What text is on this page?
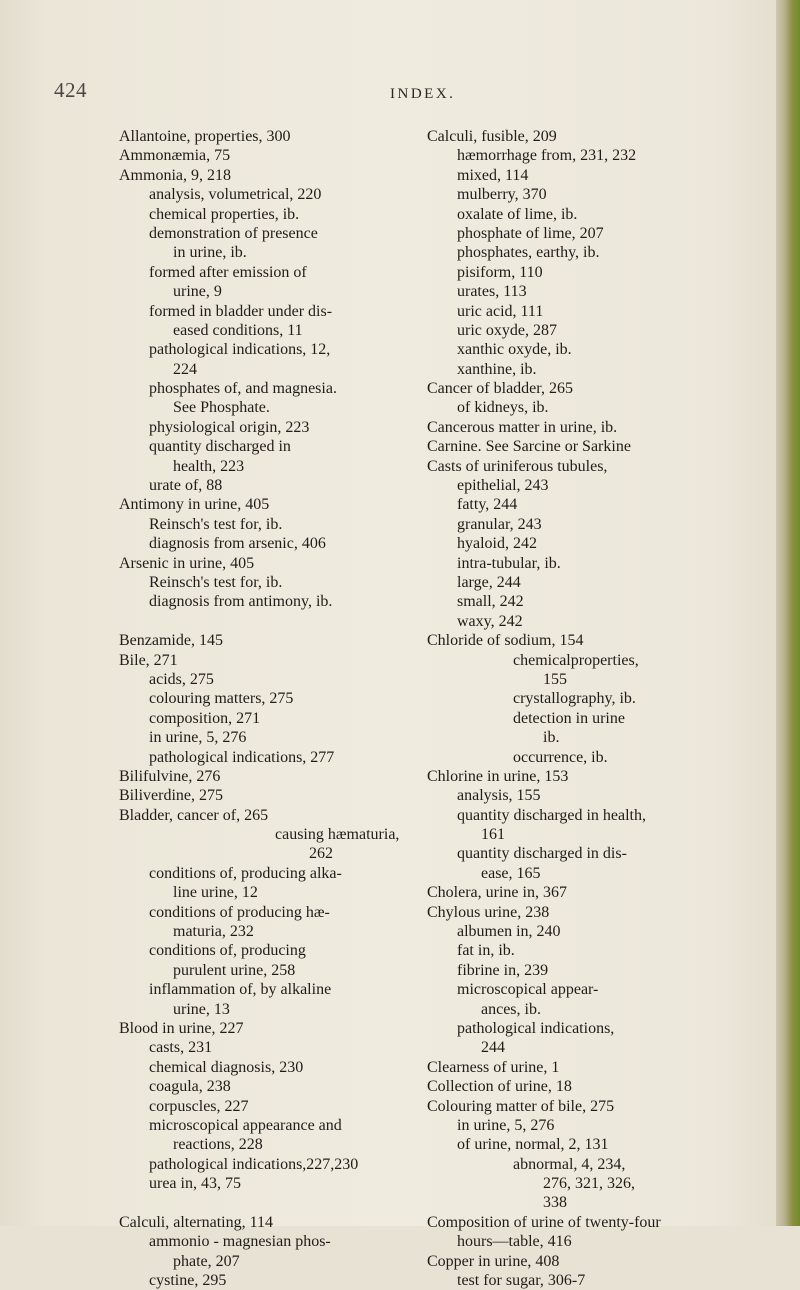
424	INDEX.
Allantoine, properties, 300
Ammonæmia, 75
Ammonia, 9, 218
analysis, volumetrical, 220
chemical properties, ib.
demonstration of presence
in urine, ib.
formed after emission of
urine, 9
formed in bladder under dis-
eased conditions, 11
pathological indications, 12,
224
phosphates of, and magnesia.
See Phosphate.
physiological origin, 223
quantity discharged in
health, 223
urate of, 88
Antimony in urine, 405
Reinsch's test for, ib.
diagnosis from arsenic, 406
Arsenic in urine, 405
Reinsch's test for, ib.
diagnosis from antimony, ib.
Benzamide, 145
Bile, 271
acids, 275
colouring matters, 275
composition, 271
in urine, 5, 276
pathological indications, 277
Bilifulvine, 276
Biliverdine, 275
Bladder, cancer of, 265
causing hæmaturia,
262
conditions of, producing alka-
line urine, 12
conditions of producing hæ-
maturia, 232
conditions of, producing
purulent urine, 258
inflammation of, by alkaline
urine, 13
Blood in urine, 227
casts, 231
chemical diagnosis, 230
coagula, 238
corpuscles, 227
microscopical appearance and
reactions, 228
pathological indications,227,230
urea in, 43, 75
Calculi, alternating, 114
ammonio - magnesian phos-
phate, 207
cystine, 295
Calculi, fusible, 209
hæmorrhage from, 231, 232
mixed, 114
mulberry, 370
oxalate of lime, ib.
phosphate of lime, 207
phosphates, earthy, ib.
pisiform, 110
urates, 113
uric acid, 111
uric oxyde, 287
xanthic oxyde, ib.
xanthine, ib.
Cancer of bladder, 265
of kidneys, ib.
Cancerous matter in urine, ib.
Carnine. See Sarcine or Sarkine
Casts of uriniferous tubules,
epithelial, 243
fatty, 244
granular, 243
hyaloid, 242
intra-tubular, ib.
large, 244
small, 242
waxy, 242
Chloride of sodium, 154
chemicalproperties,
155
crystallography, ib.
detection in urine
ib.
occurrence, ib.
Chlorine in urine, 153
analysis, 155
quantity discharged in health,
161
quantity discharged in dis-
ease, 165
Cholera, urine in, 367
Chylous urine, 238
albumen in, 240
fat in, ib.
fibrine in, 239
microscopical appear-
ances, ib.
pathological indications,
244
Clearness of urine, 1
Collection of urine, 18
Colouring matter of bile, 275
in urine, 5, 276
of urine, normal, 2, 131
abnormal, 4, 234,
276, 321, 326,
338
Composition of urine of twenty-four
hours—table, 416
Copper in urine, 408
test for sugar, 306-7
